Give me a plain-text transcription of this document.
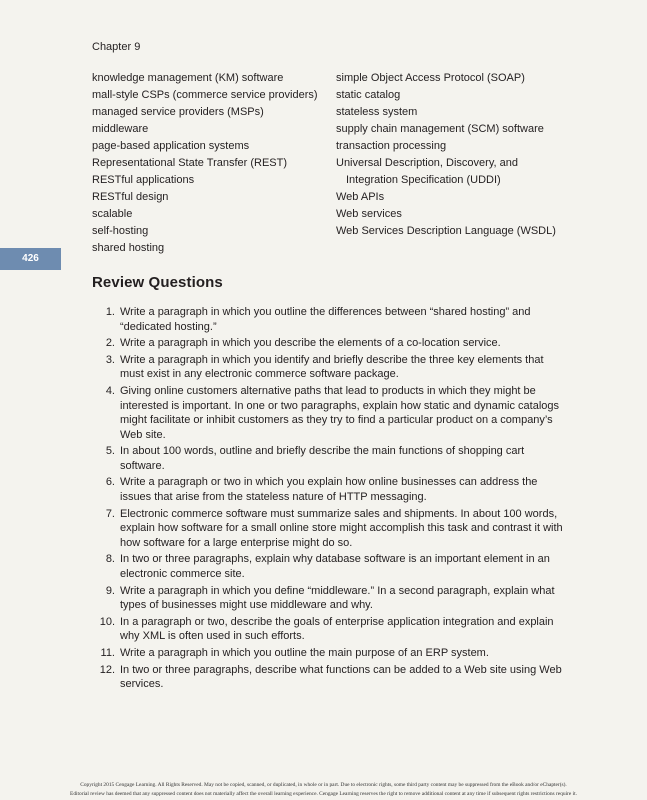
Chapter 9
knowledge management (KM) software
mall-style CSPs (commerce service providers)
managed service providers (MSPs)
middleware
page-based application systems
Representational State Transfer (REST)
RESTful applications
RESTful design
scalable
self-hosting
shared hosting
simple Object Access Protocol (SOAP)
static catalog
stateless system
supply chain management (SCM) software
transaction processing
Universal Description, Discovery, and Integration Specification (UDDI)
Web APIs
Web services
Web Services Description Language (WSDL)
426
Review Questions
1. Write a paragraph in which you outline the differences between “shared hosting” and “dedicated hosting.”
2. Write a paragraph in which you describe the elements of a co-location service.
3. Write a paragraph in which you identify and briefly describe the three key elements that must exist in any electronic commerce software package.
4. Giving online customers alternative paths that lead to products in which they might be interested is important. In one or two paragraphs, explain how static and dynamic catalogs might facilitate or inhibit customers as they try to find a particular product on a company’s Web site.
5. In about 100 words, outline and briefly describe the main functions of shopping cart software.
6. Write a paragraph or two in which you explain how online businesses can address the issues that arise from the stateless nature of HTTP messaging.
7. Electronic commerce software must summarize sales and shipments. In about 100 words, explain how software for a small online store might accomplish this task and contrast it with how software for a large enterprise might do so.
8. In two or three paragraphs, explain why database software is an important element in an electronic commerce site.
9. Write a paragraph in which you define “middleware.” In a second paragraph, explain what types of businesses might use middleware and why.
10. In a paragraph or two, describe the goals of enterprise application integration and explain why XML is often used in such efforts.
11. Write a paragraph in which you outline the main purpose of an ERP system.
12. In two or three paragraphs, describe what functions can be added to a Web site using Web services.
Copyright 2015 Cengage Learning. All Rights Reserved. May not be copied, scanned, or duplicated, in whole or in part. Due to electronic rights, some third party content may be suppressed from the eBook and/or eChapter(s).
Editorial review has deemed that any suppressed content does not materially affect the overall learning experience. Cengage Learning reserves the right to remove additional content at any time if subsequent rights restrictions require it.
